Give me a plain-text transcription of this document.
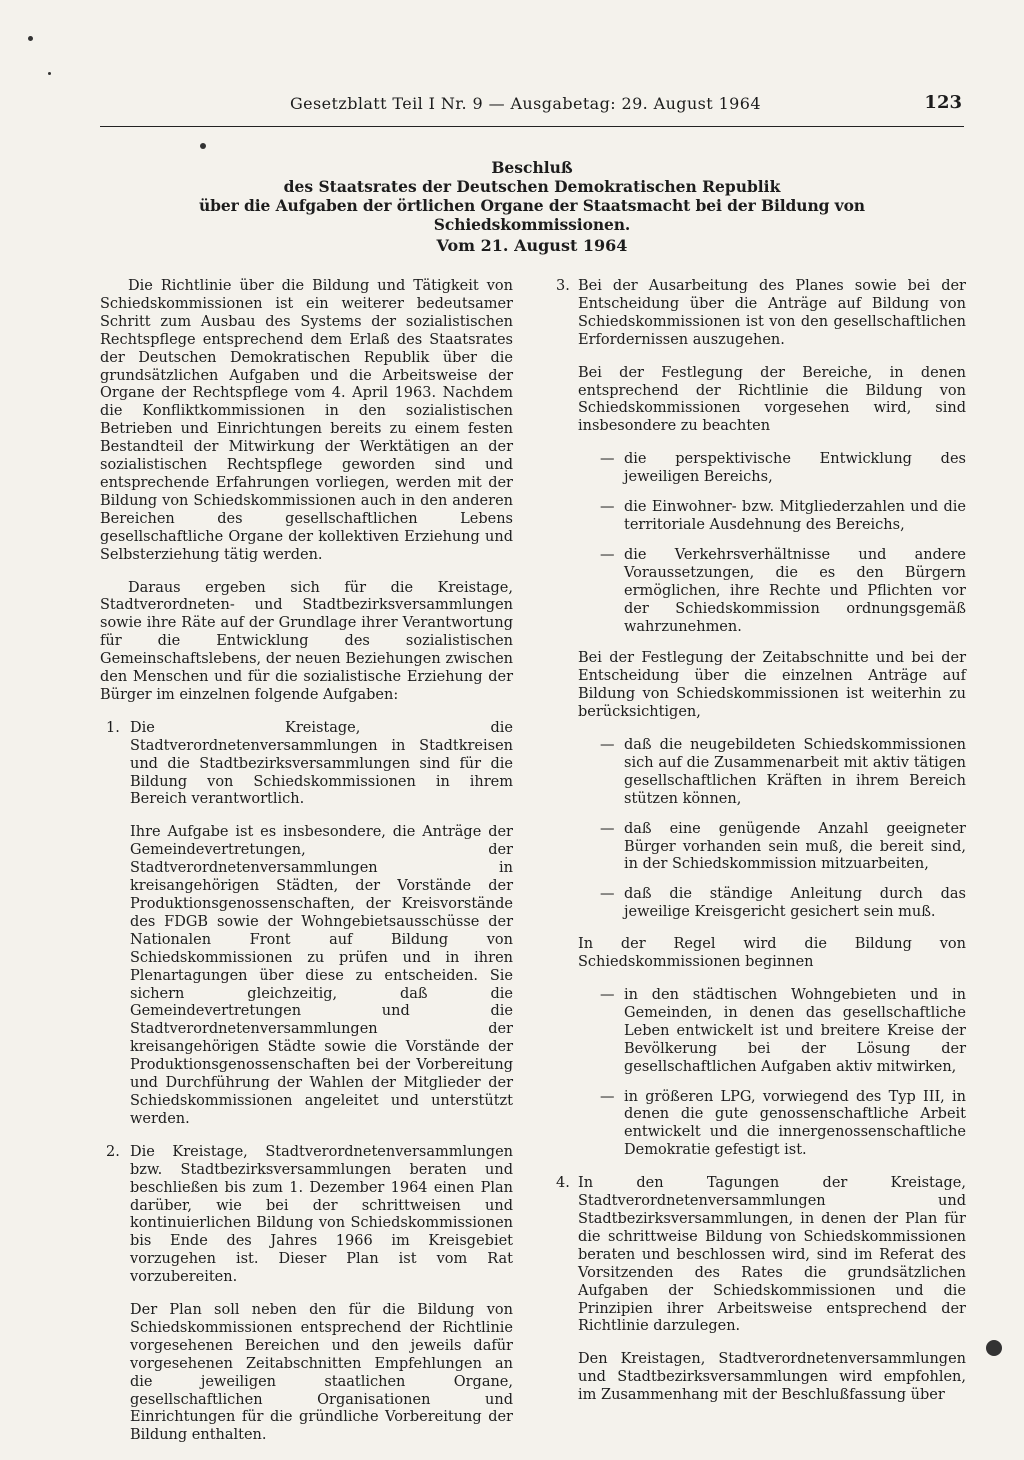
Gesetzblatt Teil I Nr. 9 — Ausgabetag: 29. August 1964	123
Beschluß
des Staatsrates der Deutschen Demokratischen Republik
über die Aufgaben der örtlichen Organe der Staatsmacht bei der Bildung von Schiedskommissionen.
Vom 21. August 1964

Die Richtlinie über die Bildung und Tätigkeit von Schiedskommissionen ist ein weiterer bedeutsamer Schritt zum Ausbau des Systems der sozialistischen Rechtspflege entsprechend dem Erlaß des Staatsrates der Deutschen Demokratischen Republik über die grundsätzlichen Aufgaben und die Arbeitsweise der Organe der Rechtspflege vom 4. April 1963. Nachdem die Konfliktkommissionen in den sozialistischen Betrieben und Einrichtungen bereits zu einem festen Bestandteil der Mitwirkung der Werktätigen an der sozialistischen Rechtspflege geworden sind und entsprechende Erfahrungen vorliegen, werden mit der Bildung von Schiedskommissionen auch in den anderen Bereichen des gesellschaftlichen Lebens gesellschaftliche Organe der kollektiven Erziehung und Selbsterziehung tätig werden.

Daraus ergeben sich für die Kreistage, Stadtverordneten- und Stadtbezirksversammlungen sowie ihre Räte auf der Grundlage ihrer Verantwortung für die Entwicklung des sozialistischen Gemeinschaftslebens, der neuen Beziehungen zwischen den Menschen und für die sozialistische Erziehung der Bürger im einzelnen folgende Aufgaben:

1. Die Kreistage, die Stadtverordnetenversammlungen in Stadtkreisen und die Stadtbezirksversammlungen sind für die Bildung von Schiedskommissionen in ihrem Bereich verantwortlich.

Ihre Aufgabe ist es insbesondere, die Anträge der Gemeindevertretungen, der Stadtverordnetenversammlungen in kreisangehörigen Städten, der Vorstände der Produktionsgenossenschaften, der Kreisvorstände des FDGB sowie der Wohngebietsausschüsse der Nationalen Front auf Bildung von Schiedskommissionen zu prüfen und in ihren Plenartagungen über diese zu entscheiden. Sie sichern gleichzeitig, daß die Gemeindevertretungen und die Stadtverordnetenversammlungen der kreisangehörigen Städte sowie die Vorstände der Produktionsgenossenschaften bei der Vorbereitung und Durchführung der Wahlen der Mitglieder der Schiedskommissionen angeleitet und unterstützt werden.

2. Die Kreistage, Stadtverordnetenversammlungen bzw. Stadtbezirksversammlungen beraten und beschließen bis zum 1. Dezember 1964 einen Plan darüber, wie bei der schrittweisen und kontinuierlichen Bildung von Schiedskommissionen bis Ende des Jahres 1966 im Kreisgebiet vorzugehen ist. Dieser Plan ist vom Rat vorzubereiten.

Der Plan soll neben den für die Bildung von Schiedskommissionen entsprechend der Richtlinie vorgesehenen Bereichen und den jeweils dafür vorgesehenen Zeitabschnitten Empfehlungen an die jeweiligen staatlichen Organe, gesellschaftlichen Organisationen und Einrichtungen für die gründliche Vorbereitung der Bildung enthalten.

3. Bei der Ausarbeitung des Planes sowie bei der Entscheidung über die Anträge auf Bildung von Schiedskommissionen ist von den gesellschaftlichen Erfordernissen auszugehen.

Bei der Festlegung der Bereiche, in denen entsprechend der Richtlinie die Bildung von Schiedskommissionen vorgesehen wird, sind insbesondere zu beachten

— die perspektivische Entwicklung des jeweiligen Bereichs,
— die Einwohner- bzw. Mitgliederzahlen und die territoriale Ausdehnung des Bereichs,
— die Verkehrsverhältnisse und andere Voraussetzungen, die es den Bürgern ermöglichen, ihre Rechte und Pflichten vor der Schiedskommission ordnungsgemäß wahrzunehmen.

Bei der Festlegung der Zeitabschnitte und bei der Entscheidung über die einzelnen Anträge auf Bildung von Schiedskommissionen ist weiterhin zu berücksichtigen,

— daß die neugebildeten Schiedskommissionen sich auf die Zusammenarbeit mit aktiv tätigen gesellschaftlichen Kräften in ihrem Bereich stützen können,
— daß eine genügende Anzahl geeigneter Bürger vorhanden sein muß, die bereit sind, in der Schiedskommission mitzuarbeiten,
— daß die ständige Anleitung durch das jeweilige Kreisgericht gesichert sein muß.

In der Regel wird die Bildung von Schiedskommissionen beginnen

— in den städtischen Wohngebieten und in Gemeinden, in denen das gesellschaftliche Leben entwickelt ist und breitere Kreise der Bevölkerung bei der Lösung der gesellschaftlichen Aufgaben aktiv mitwirken,
— in größeren LPG, vorwiegend des Typ III, in denen die gute genossenschaftliche Arbeit entwickelt und die innergenossenschaftliche Demokratie gefestigt ist.
4. In den Tagungen der Kreistage, Stadtverordnetenversammlungen und Stadtbezirksversammlungen, in denen der Plan für die schrittweise Bildung von Schiedskommissionen beraten und beschlossen wird, sind im Referat des Vorsitzenden des Rates die grundsätzlichen Aufgaben der Schiedskommissionen und die Prinzipien ihrer Arbeitsweise entsprechend der Richtlinie darzulegen.

Den Kreistagen, Stadtverordnetenversammlungen und Stadtbezirksversammlungen wird empfohlen, im Zusammenhang mit der Beschlußfassung über
